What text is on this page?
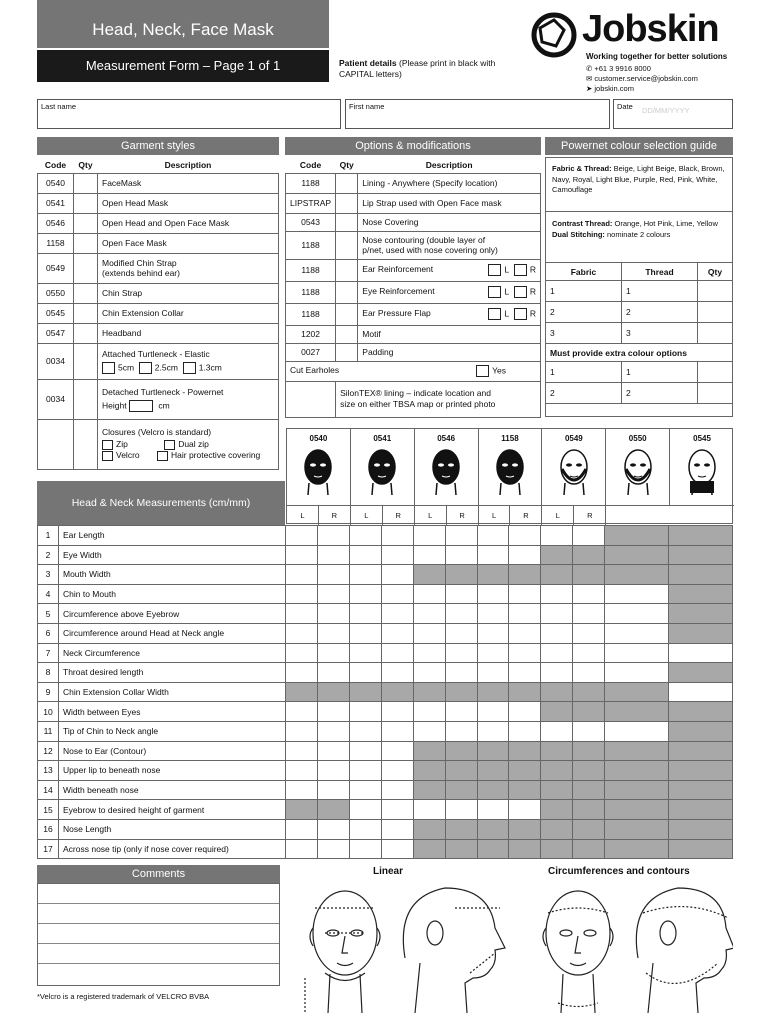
Head, Neck, Face Mask
Measurement Form – Page 1 of 1	Patient details (Please print in black with CAPITAL letters)
Jobskin
Working together for better solutions
✆ +61 3 9916 8000
✉ customer.service@jobskin.com
➤ jobskin.com
Last name	First name	Date DD/MM/YYYY
Garment styles
Code	Qty	Description
0540		FaceMask
0541		Open Head Mask
0546		Open Head and Open Face Mask
1158		Open Face Mask
0549		Modified Chin Strap
(extends behind ear)

0550		Chin Strap
0545		Chin Extension Collar
0547		Headband
0034		Attached Turtleneck - Elastic
5cm 2.5cm 1.3cm

0034		Detached Turtleneck - Powernet
Height cm

		Closures (Velcro is standard)
Zip Dual zip
Velcro Hair protective covering
Options & modifications
Code	Qty	Description
1188		Lining - Anywhere (Specify location)
LIPSTRAP		Lip Strap used with Open Face mask
0543		Nose Covering
1188		Nose contouring (double layer of
p/net, used with nose covering only)

1188		Ear Reinforcement L R

1188		Eye Reinforcement L R

1188		Ear Pressure Flap L R

1202		Motif
0027		Padding
Cut Earholes Yes		

	SilonTEX® lining – indicate location and
size on either TBSA map or printed photo	
Powernet colour selection guide
Fabric & Thread: Beige, Light Beige, Black, Brown, Navy, Royal, Light Blue, Purple, Red, Pink, White, Camouflage
Contrast Thread: Orange, Hot Pink, Lime, Yellow
Dual Stitching: nominate 2 colours
Fabric	Thread	Qty
1	1	
2	2	
3	3	
Must provide extra colour options		
1	1	
2	2	
Head & Neck Measurements (cm/mm)
0540	0541	0546	1158	0549	0550	0545
L	R	L	R	L	R	L	R	L	R
1	Ear Length												
2	Eye Width												
3	Mouth Width												
4	Chin to Mouth												
5	Circumference above Eyebrow												
6	Circumference around Head at Neck angle												
7	Neck Circumference												
8	Throat desired length												
9	Chin Extension Collar Width												
10	Width between Eyes												
11	Tip of Chin to Neck angle												
12	Nose to Ear (Contour)												
13	Upper lip to beneath nose												
14	Width beneath nose												
15	Eyebrow to desired height of garment												
16	Nose Length												
17	Across nose tip (only if nose cover required)												
Comments
*Velcro is a registered trademark of VELCRO BVBA
Linear	Circumferences and contours
